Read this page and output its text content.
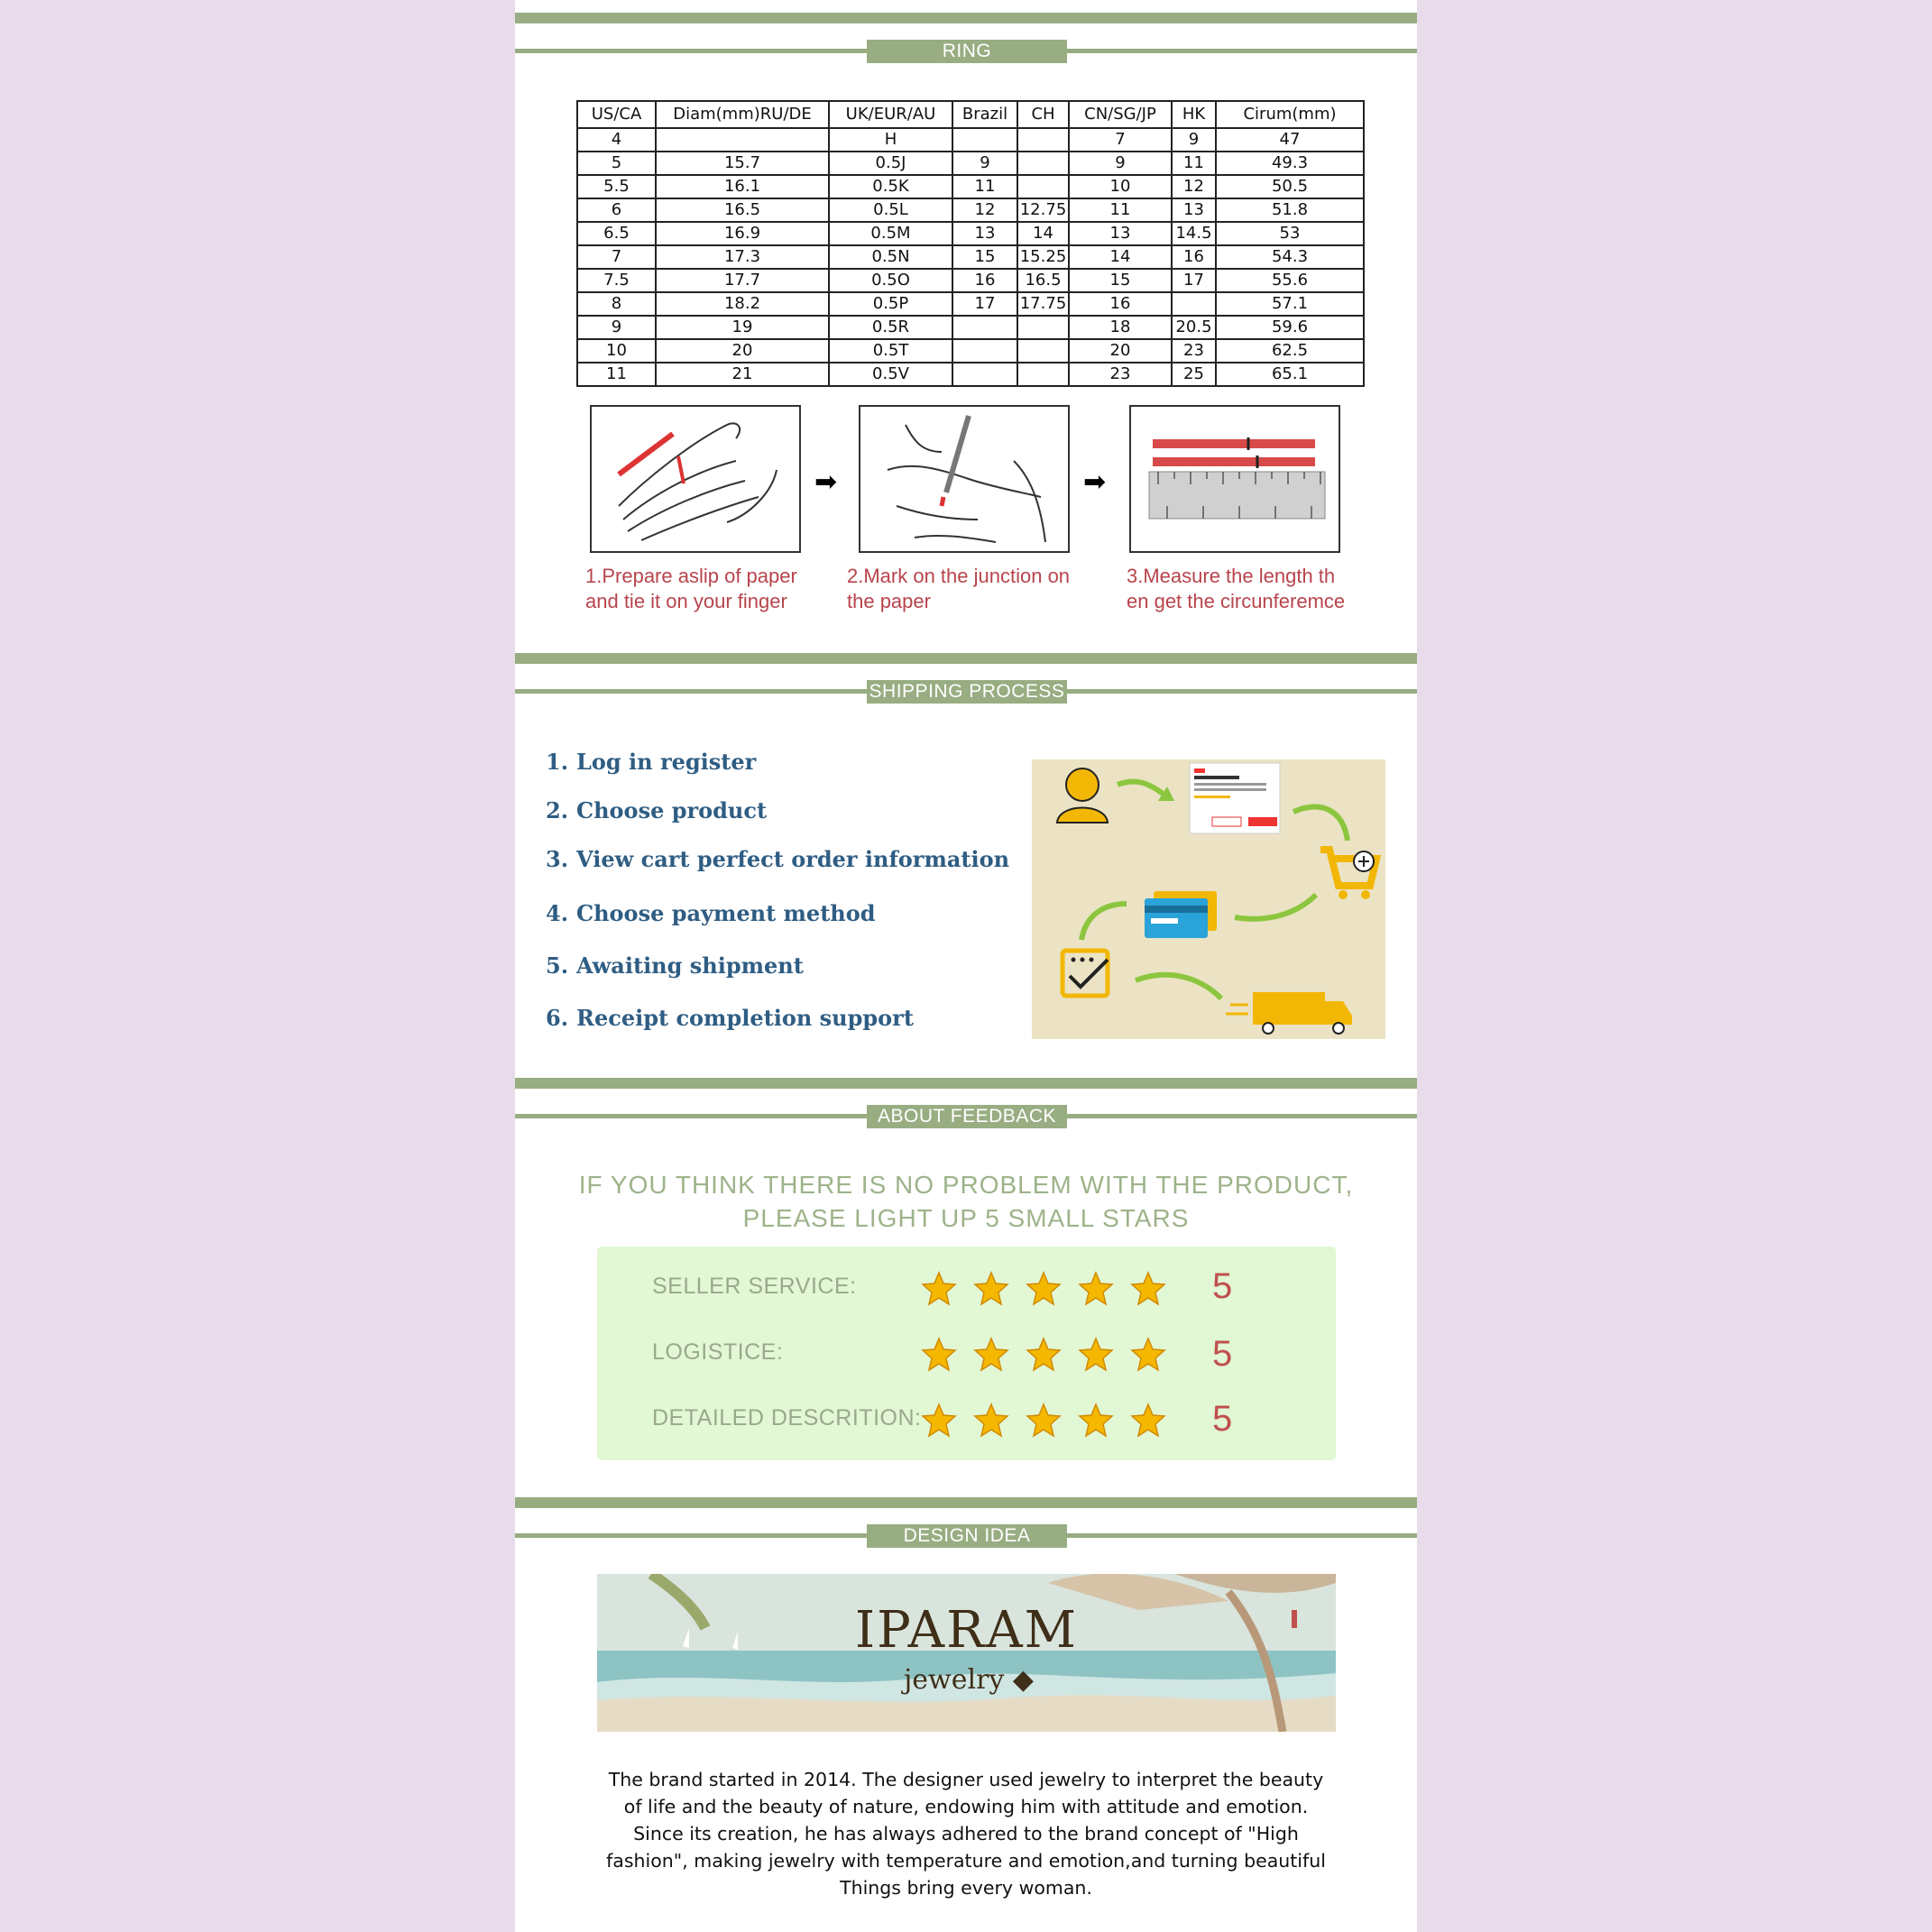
RING MEASUREMENT
US/CA	Diam(mm)RU/DE	UK/EUR/AU	Brazil	CH	CN/SG/JP	HK	Cirum(mm)
4		H			7	9	47
5	15.7	0.5J	9		9	11	49.3
5.5	16.1	0.5K	11		10	12	50.5
6	16.5	0.5L	12	12.75	11	13	51.8
6.5	16.9	0.5M	13	14	13	14.5	53
7	17.3	0.5N	15	15.25	14	16	54.3
7.5	17.7	0.5O	16	16.5	15	17	55.6
8	18.2	0.5P	17	17.75	16		57.1
9	19	0.5R			18	20.5	59.6
10	20	0.5T			20	23	62.5
11	21	0.5V			23	25	65.1
➡	➡
1.Prepare aslip of paper
and tie it on your finger
2.Mark on the junction on
the paper
3.Measure the length th
en get the circunferemce
SHIPPING PROCESS
1. Log in register
2. Choose product
3. View cart perfect order information
4. Choose payment method
5. Awaiting shipment
6. Receipt completion support
ABOUT FEEDBACK
IF YOU THINK THERE IS NO PROBLEM WITH THE PRODUCT,
PLEASE LIGHT UP 5 SMALL STARS
SELLER SERVICE:	5
LOGISTICE:	5
DETAILED DESCRITION:	5
DESIGN IDEA
IPARAM
jewelry ◆
The brand started in 2014. The designer used jewelry to interpret the beauty of life and the beauty of nature, endowing him with attitude and emotion. Since its creation, he has always adhered to the brand concept of "High fashion", making jewelry with temperature and emotion,and turning beautiful Things bring every woman.
